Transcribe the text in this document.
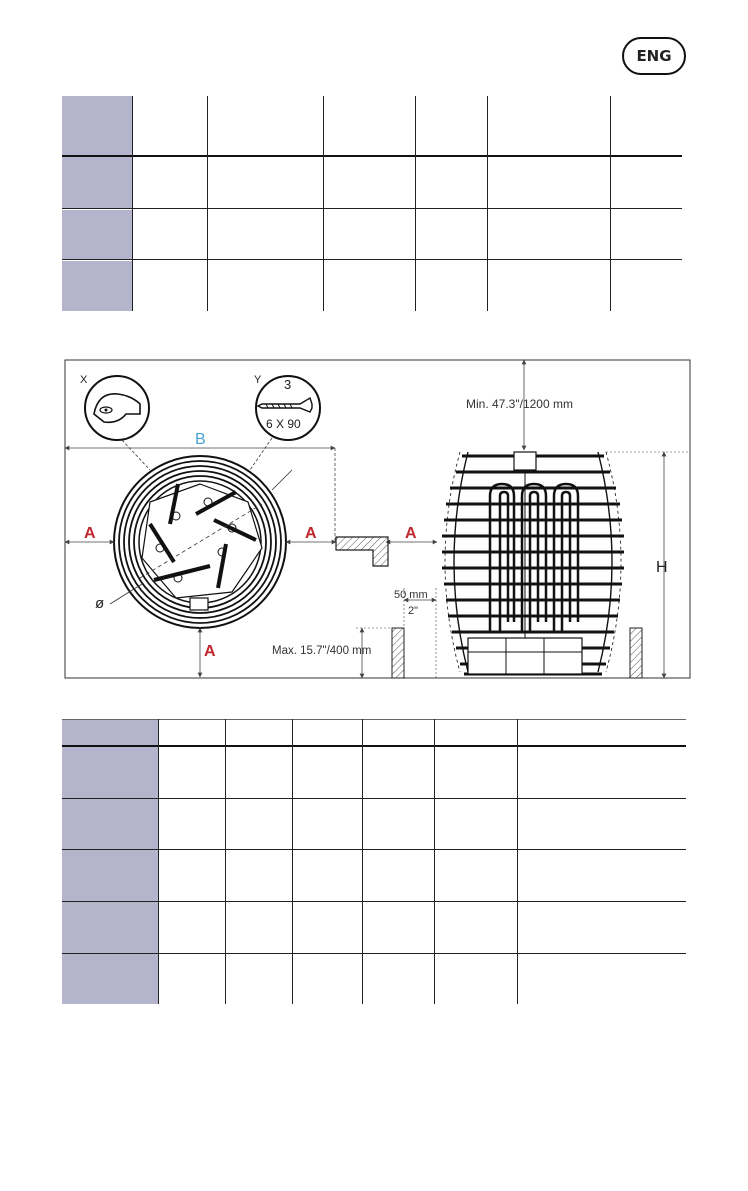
ENG
X	Y 3
6 X 90
B
ø
A	A	A
A
Min. 47.3"/1200 mm
50 mm
2"
Max. 15.7"/400 mm
H
